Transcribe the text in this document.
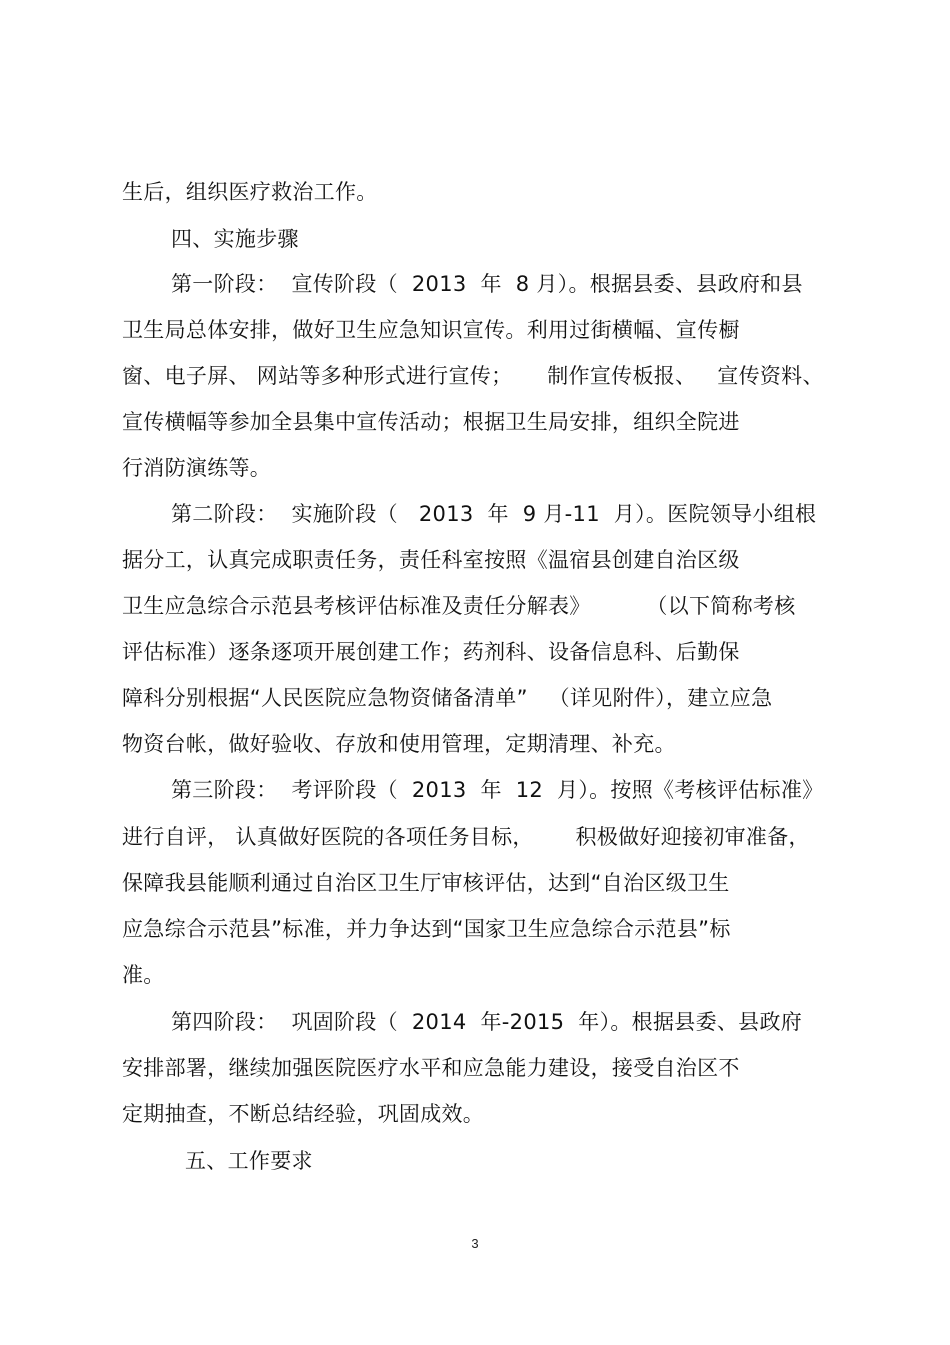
生后，组织医疗救治工作。
四、实施步骤
第一阶段：  宣传阶段（  2013  年  8 月）。根据县委、县政府和县
卫生局总体安排，做好卫生应急知识宣传。利用过街横幅、宣传橱
窗、电子屏、 网站等多种形式进行宣传；     制作宣传板报、   宣传资料、
宣传横幅等参加全县集中宣传活动；根据卫生局安排，组织全院进
行消防演练等。
第二阶段：  实施阶段（   2013  年  9 月-11  月）。医院领导小组根
据分工，认真完成职责任务，责任科室按照《温宿县创建自治区级
卫生应急综合示范县考核评估标准及责任分解表》        （以下简称考核
评估标准）逐条逐项开展创建工作；药剂科、设备信息科、后勤保
障科分别根据“人民医院应急物资储备清单”   （详见附件），建立应急
物资台帐，做好验收、存放和使用管理，定期清理、补充。
第三阶段：  考评阶段（  2013  年  12  月）。按照《考核评估标准》
进行自评， 认真做好医院的各项任务目标，      积极做好迎接初审准备，
保障我县能顺利通过自治区卫生厅审核评估，达到“自治区级卫生
应急综合示范县”标准，并力争达到“国家卫生应急综合示范县”标
准。
第四阶段：  巩固阶段（  2014  年-2015  年）。根据县委、县政府
安排部署，继续加强医院医疗水平和应急能力建设，接受自治区不
定期抽查，不断总结经验，巩固成效。
五、工作要求
3
